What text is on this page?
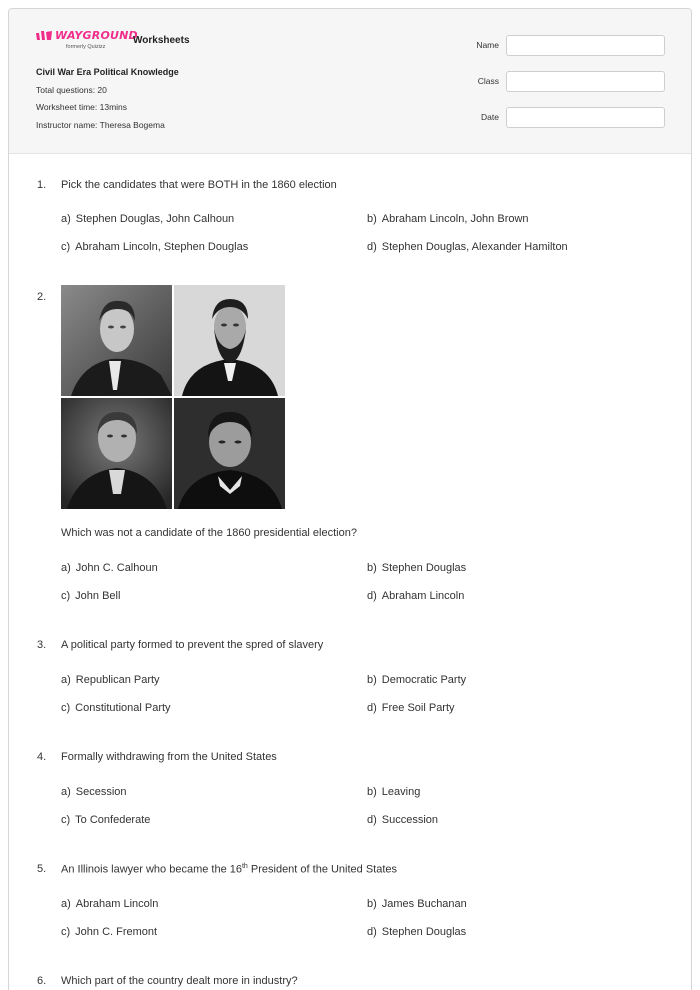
WAYGROUND
formerly Quizizz
Worksheets
Civil War Era Political Knowledge
Total questions: 20
Worksheet time: 13mins
Instructor name: Theresa Bogema
Name
Class
Date
1. Pick the candidates that were BOTH in the 1860 election
a) Stephen Douglas, John Calhoun	b) Abraham Lincoln, John Brown
c) Abraham Lincoln, Stephen Douglas	d) Stephen Douglas, Alexander Hamilton
2.
Which was not a candidate of the 1860 presidential election?
a) John C. Calhoun	b) Stephen Douglas
c) John Bell	d) Abraham Lincoln
3. A political party formed to prevent the spred of slavery
a) Republican Party	b) Democratic Party
c) Constitutional Party	d) Free Soil Party
4. Formally withdrawing from the United States
a) Secession	b) Leaving
c) To Confederate	d) Succession
5. An Illinois lawyer who became the 16th President of the United States
a) Abraham Lincoln	b) James Buchanan
c) John C. Fremont	d) Stephen Douglas
6. Which part of the country dealt more in industry?
